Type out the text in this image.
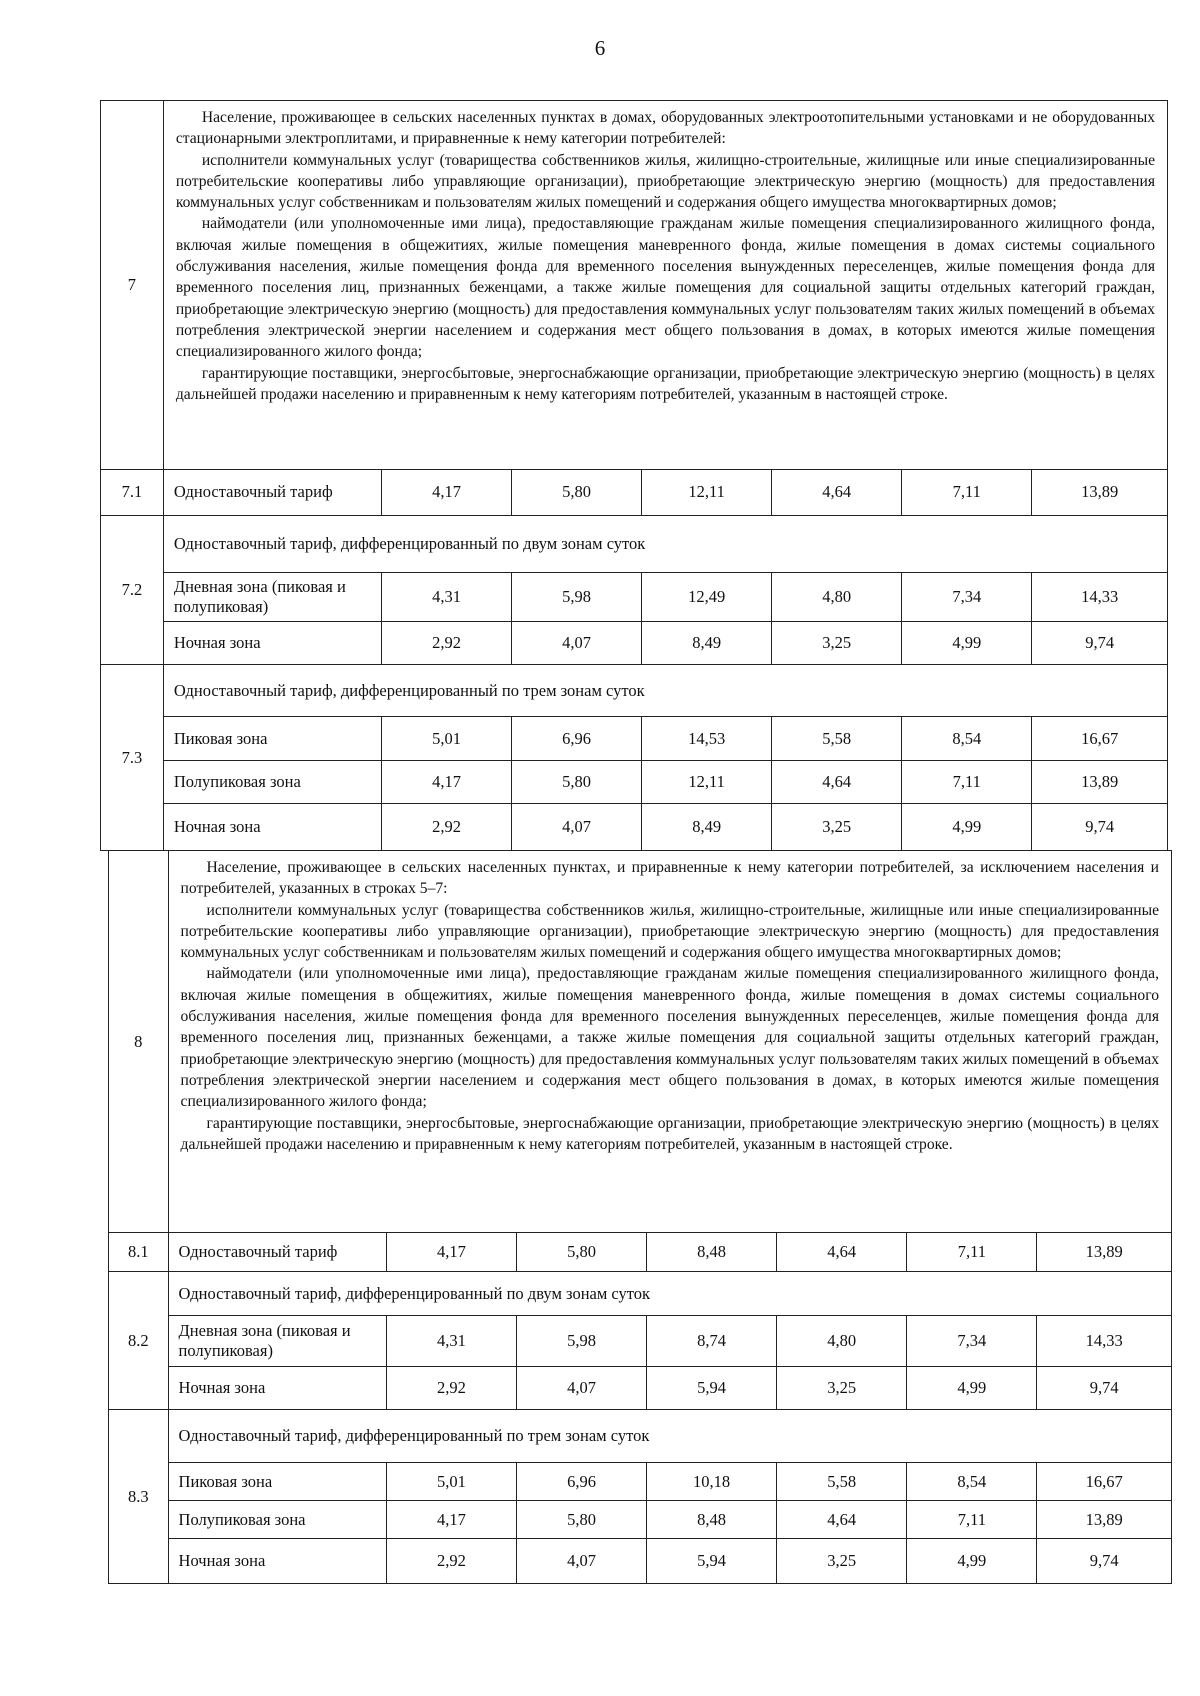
6
7	Население, проживающее в сельских населенных пунктах в домах, оборудованных электроотопительными установками и не оборудованных стационарными электроплитами, и приравненные к нему категории потребителей:

исполнители коммунальных услуг (товарищества собственников жилья, жилищно-строительные, жилищные или иные специализированные потребительские кооперативы либо управляющие организации), приобретающие электрическую энергию (мощность) для предоставления коммунальных услуг собственникам и пользователям жилых помещений и содержания общего имущества многоквартирных домов;

наймодатели (или уполномоченные ими лица), предоставляющие гражданам жилые помещения специализированного жилищного фонда, включая жилые помещения в общежитиях, жилые помещения маневренного фонда, жилые помещения в домах системы социального обслуживания населения, жилые помещения фонда для временного поселения вынужденных переселенцев, жилые помещения фонда для временного поселения лиц, признанных беженцами, а также жилые помещения для социальной защиты отдельных категорий граждан, приобретающие электрическую энергию (мощность) для предоставления коммунальных услуг пользователям таких жилых помещений в объемах потребления электрической энергии населением и содержания мест общего пользования в домах, в которых имеются жилые помещения специализированного жилого фонда;

гарантирующие поставщики, энергосбытовые, энергоснабжающие организации, приобретающие электрическую энергию (мощность) в целях дальнейшей продажи населению и приравненным к нему категориям потребителей, указанным в настоящей строке.						

7.1	Одноставочный тариф	4,17	5,80	12,11	4,64	7,11	13,89
7.2	Одноставочный тариф, дифференцированный по двум зонам суток						
	Дневная зона (пиковая и полупиковая)	4,31	5,98	12,49	4,80	7,34	14,33
	Ночная зона	2,92	4,07	8,49	3,25	4,99	9,74
7.3	Одноставочный тариф, дифференцированный по трем зонам суток						
	Пиковая зона	5,01	6,96	14,53	5,58	8,54	16,67
	Полупиковая зона	4,17	5,80	12,11	4,64	7,11	13,89
	Ночная зона	2,92	4,07	8,49	3,25	4,99	9,74
8	Население, проживающее в сельских населенных пунктах, и приравненные к нему категории потребителей, за исключением населения и потребителей, указанных в строках 5–7:

исполнители коммунальных услуг (товарищества собственников жилья, жилищно-строительные, жилищные или иные специализированные потребительские кооперативы либо управляющие организации), приобретающие электрическую энергию (мощность) для предоставления коммунальных услуг собственникам и пользователям жилых помещений и содержания общего имущества многоквартирных домов;

наймодатели (или уполномоченные ими лица), предоставляющие гражданам жилые помещения специализированного жилищного фонда, включая жилые помещения в общежитиях, жилые помещения маневренного фонда, жилые помещения в домах системы социального обслуживания населения, жилые помещения фонда для временного поселения вынужденных переселенцев, жилые помещения фонда для временного поселения лиц, признанных беженцами, а также жилые помещения для социальной защиты отдельных категорий граждан, приобретающие электрическую энергию (мощность) для предоставления коммунальных услуг пользователям таких жилых помещений в объемах потребления электрической энергии населением и содержания мест общего пользования в домах, в которых имеются жилые помещения специализированного жилого фонда;

гарантирующие поставщики, энергосбытовые, энергоснабжающие организации, приобретающие электрическую энергию (мощность) в целях дальнейшей продажи населению и приравненным к нему категориям потребителей, указанным в настоящей строке.						

8.1	Одноставочный тариф	4,17	5,80	8,48	4,64	7,11	13,89
8.2	Одноставочный тариф, дифференцированный по двум зонам суток						
	Дневная зона (пиковая и полупиковая)	4,31	5,98	8,74	4,80	7,34	14,33
	Ночная зона	2,92	4,07	5,94	3,25	4,99	9,74
8.3	Одноставочный тариф, дифференцированный по трем зонам суток						
	Пиковая зона	5,01	6,96	10,18	5,58	8,54	16,67
	Полупиковая зона	4,17	5,80	8,48	4,64	7,11	13,89
	Ночная зона	2,92	4,07	5,94	3,25	4,99	9,74
